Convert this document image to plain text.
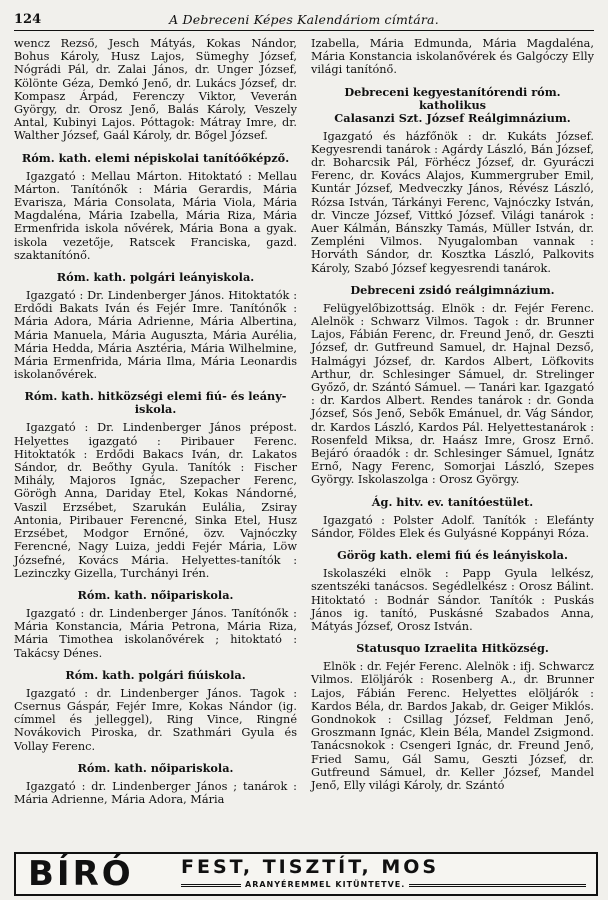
124	A Debreceni Képes Kalendáriom címtára.

wencz Rezső, Jesch Mátyás, Kokas Nándor, Bohus Károly, Husz Lajos, Sümeghy József, Nógrádi Pál, dr. Zalai János, dr. Unger József, Kölönte Géza, Demkó Jenő, dr. Lukács József, dr. Kompasz Árpád, Ferenczy Viktor, Veverán György, dr. Orosz Jenő, Balás Károly, Veszely Antal, Kubinyi Lajos. Póttagok: Mátray Imre, dr. Walther József, Gaál Károly, dr. Bőgel József.

Róm. kath. elemi népiskolai tanítóőképző.

Igazgató : Mellau Márton. Hitoktató : Mellau Márton. Tanítónők : Mária Gerardis, Mária Evarisza, Mária Consolata, Mária Viola, Mária Magdaléna, Mária Izabella, Mária Riza, Mária Ermenfrida iskola nővérek, Mária Bona a gyak. iskola vezetője, Ratscek Franciska, gazd. szaktanítónő.

Róm. kath. polgári leányiskola.

Igazgató : Dr. Lindenberger János. Hitoktatók : Erdődi Bakats Iván és Fejér Imre. Tanítónők : Mária Adora, Mária Adrienne, Mária Albertina, Mária Manuela, Mária Auguszta, Mária Aurélia, Mária Hedda, Mária Asztéria, Mária Wilhelmine, Mária Ermenfrida, Mária Ilma, Mária Leonardis iskolanővérek.

Róm. kath. hitközségi elemi fiú- és leány-
iskola.

Igazgató : Dr. Lindenberger János prépost. Helyettes igazgató : Piribauer Ferenc. Hitoktatók : Erdődi Bakacs Iván, dr. Lakatos Sándor, dr. Beőthy Gyula. Tanítók : Fischer Mihály, Majoros Ignác, Szepacher Ferenc, Görögh Anna, Dariday Etel, Kokas Nándorné, Vaszil Erzsébet, Szarukán Eulália, Zsiray Antonia, Piribauer Ferencné, Sinka Etel, Husz Erzsébet, Modgor Ernőné, özv. Vajnóczky Ferencné, Nagy Luiza, jeddi Fejér Mária, Löw Józsefné, Kovács Mária. Helyettes-tanítók : Lezinczky Gizella, Turchányi Irén.

Róm. kath. nőipariskola.

Igazgató : dr. Lindenberger János. Tanítónők : Mária Konstancia, Mária Petrona, Mária Riza, Mária Timothea iskolanővérek ; hitoktató : Takácsy Dénes.

Róm. kath. polgári fiúiskola.

Igazgató : dr. Lindenberger János. Tagok : Csernus Gáspár, Fejér Imre, Kokas Nándor (ig. címmel és jelleggel), Ring Vince, Ringné Novákovich Piroska, dr. Szathmári Gyula és Vollay Ferenc.

Róm. kath. nőipariskola.

Igazgató : dr. Lindenberger János ; tanárok : Mária Adrienne, Mária Adora, Mária

Izabella, Mária Edmunda, Mária Magdaléna, Mária Konstancia iskolanővérek és Galgóczy Elly világi tanítónő.

Debreceni kegyestanítórendi róm. katholikus
Calasanzi Szt. József Reálgimnázium.

Igazgató és házfőnök : dr. Kukáts József. Kegyesrendi tanárok : Agárdy László, Bán József, dr. Boharcsik Pál, Förhécz József, dr. Gyuráczi Ferenc, dr. Kovács Alajos, Kummergruber Emil, Kuntár József, Medveczky János, Révész László, Rózsa István, Tárkányi Ferenc, Vajnóczky István, dr. Vincze József, Vittkó József. Világi tanárok : Auer Kálmán, Bánszky Tamás, Müller István, dr. Zempléni Vilmos. Nyugalomban vannak : Horváth Sándor, dr. Kosztka László, Palkovits Károly, Szabó József kegyesrendi tanárok.

Debreceni zsidó reálgimnázium.

Felügyelőbizottság. Elnök : dr. Fejér Ferenc. Alelnök : Schwarz Vilmos. Tagok : dr. Brunner Lajos, Fábián Ferenc, dr. Freund Jenő, dr. Geszti József, dr. Gutfreund Samuel, dr. Hajnal Dezső, Halmágyi József, dr. Kardos Albert, Löfkovits Arthur, dr. Schlesinger Sámuel, dr. Strelinger Győző, dr. Szántó Sámuel. — Tanári kar. Igazgató : dr. Kardos Albert. Rendes tanárok : dr. Gonda József, Sós Jenő, Sebők Emánuel, dr. Vág Sándor, dr. Kardos László, Kardos Pál. Helyettestanárok : Rosenfeld Miksa, dr. Haász Imre, Grosz Ernő. Bejáró óraadók : dr. Schlesinger Sámuel, Ignátz Ernő, Nagy Ferenc, Somorjai László, Szepes György. Iskolaszolga : Orosz György.

Ág. hitv. ev. tanítóestület.

Igazgató : Polster Adolf. Tanítók : Elefánty Sándor, Földes Elek és Gulyásné Koppányi Róza.

Görög kath. elemi fiú és leányiskola.

Iskolaszéki elnök : Papp Gyula lelkész, szentszéki tanácsos. Segédlelkész : Orosz Bálint. Hitoktató : Bodnár Sándor. Tanítók : Puskás János ig. tanító, Puskásné Szabados Anna, Mátyás József, Orosz István.

Statusquo Izraelita Hitközség.

Elnök : dr. Fejér Ferenc. Alelnök : ifj. Schwarcz Vilmos. Elöljárók : Rosenberg A., dr. Brunner Lajos, Fábián Ferenc. Helyettes elöljárók : Kardos Béla, dr. Bardos Jakab, dr. Geiger Miklós. Gondnokok : Csillag József, Feldman Jenő, Groszmann Ignác, Klein Béla, Mandel Zsigmond. Tanácsnokok : Csengeri Ignác, dr. Freund Jenő, Fried Samu, Gál Samu, Geszti József, dr. Gutfreund Sámuel, dr. Keller József, Mandel Jenő, Elly világi Károly, dr. Szántó

BÍRÓ FEST, TISZTÍT, MOS
ARANYÉREMMEL KITÜNTETVE.
